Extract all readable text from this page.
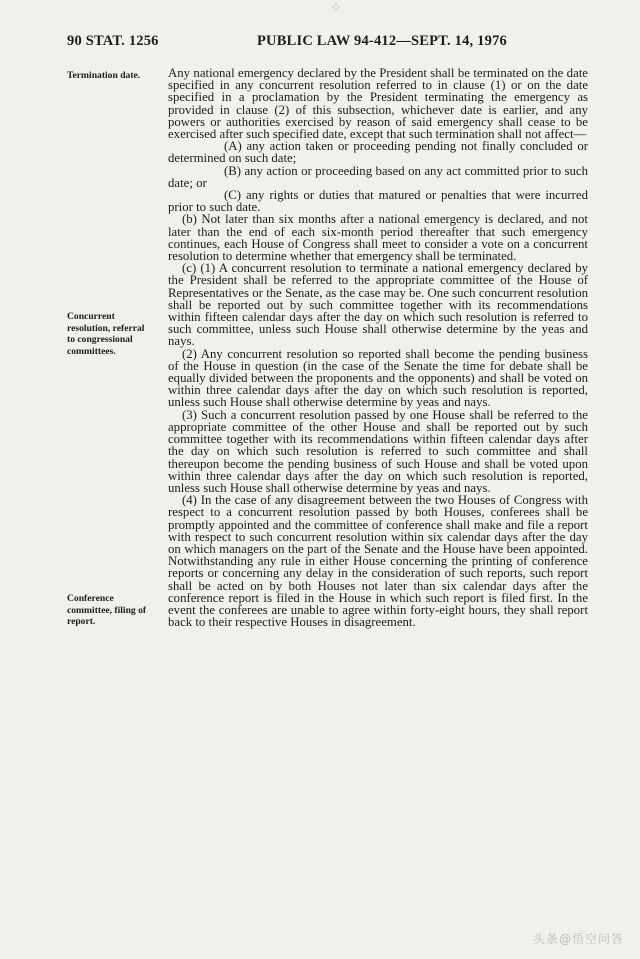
✧
90 STAT. 1256	PUBLIC LAW 94-412—SEPT. 14, 1976
Termination date.
Concurrent resolution, referral to congressional committees.
Conference committee, filing of report.

Any national emergency declared by the President shall be terminated on the date specified in any concurrent resolution referred to in clause (1) or on the date specified in a proclamation by the President terminating the emergency as provided in clause (2) of this subsection, whichever date is earlier, and any powers or authorities exercised by reason of said emergency shall cease to be exercised after such specified date, except that such termination shall not affect—

(A) any action taken or proceeding pending not finally concluded or determined on such date;

(B) any action or proceeding based on any act committed prior to such date; or

(C) any rights or duties that matured or penalties that were incurred prior to such date.

(b) Not later than six months after a national emergency is declared, and not later than the end of each six-month period thereafter that such emergency continues, each House of Congress shall meet to consider a vote on a concurrent resolution to determine whether that emergency shall be terminated.

(c) (1) A concurrent resolution to terminate a national emergency declared by the President shall be referred to the appropriate committee of the House of Representatives or the Senate, as the case may be. One such concurrent resolution shall be reported out by such committee together with its recommendations within fifteen calendar days after the day on which such resolution is referred to such committee, unless such House shall otherwise determine by the yeas and nays.

(2) Any concurrent resolution so reported shall become the pending business of the House in question (in the case of the Senate the time for debate shall be equally divided between the proponents and the opponents) and shall be voted on within three calendar days after the day on which such resolution is reported, unless such House shall otherwise determine by yeas and nays.

(3) Such a concurrent resolution passed by one House shall be referred to the appropriate committee of the other House and shall be reported out by such committee together with its recommendations within fifteen calendar days after the day on which such resolution is referred to such committee and shall thereupon become the pending business of such House and shall be voted upon within three calendar days after the day on which such resolution is reported, unless such House shall otherwise determine by yeas and nays.

(4) In the case of any disagreement between the two Houses of Congress with respect to a concurrent resolution passed by both Houses, conferees shall be promptly appointed and the committee of conference shall make and file a report with respect to such concurrent resolution within six calendar days after the day on which managers on the part of the Senate and the House have been appointed. Notwithstanding any rule in either House concerning the printing of conference reports or concerning any delay in the consideration of such reports, such report shall be acted on by both Houses not later than six calendar days after the conference report is filed in the House in which such report is filed first. In the event the conferees are unable to agree within forty-eight hours, they shall report back to their respective Houses in disagreement.

头条@悟空问答
